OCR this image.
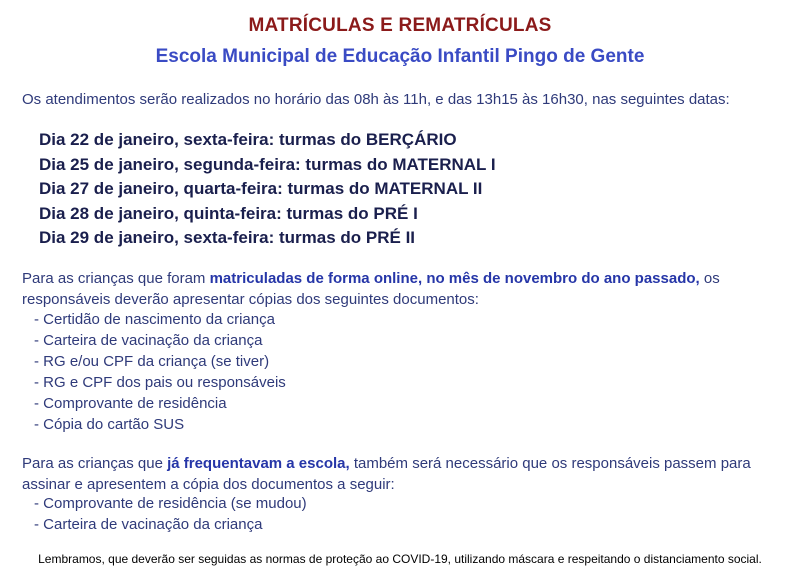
MATRÍCULAS E REMATRÍCULAS
Escola Municipal de Educação Infantil Pingo de Gente
Os atendimentos serão realizados no horário das 08h às 11h, e das 13h15 às 16h30, nas seguintes datas:
Dia 22 de janeiro, sexta-feira: turmas do BERÇÁRIO
Dia 25 de janeiro, segunda-feira: turmas do MATERNAL I
Dia 27 de janeiro, quarta-feira: turmas do MATERNAL II
Dia 28 de janeiro, quinta-feira: turmas do PRÉ I
Dia 29 de janeiro, sexta-feira: turmas do PRÉ II
Para as crianças que foram matriculadas de forma online, no mês de novembro do ano passado, os responsáveis deverão apresentar cópias dos seguintes documentos:
- Certidão de nascimento da criança
- Carteira de vacinação da criança
- RG e/ou CPF da criança (se tiver)
- RG e CPF dos pais ou responsáveis
- Comprovante de residência
- Cópia do cartão SUS
Para as crianças que já frequentavam a escola, também será necessário que os responsáveis passem para assinar e apresentem a cópia dos documentos a seguir:
- Comprovante de residência (se mudou)
- Carteira de vacinação da criança
Lembramos, que deverão ser seguidas as normas de proteção ao COVID-19, utilizando máscara e respeitando o distanciamento social.
